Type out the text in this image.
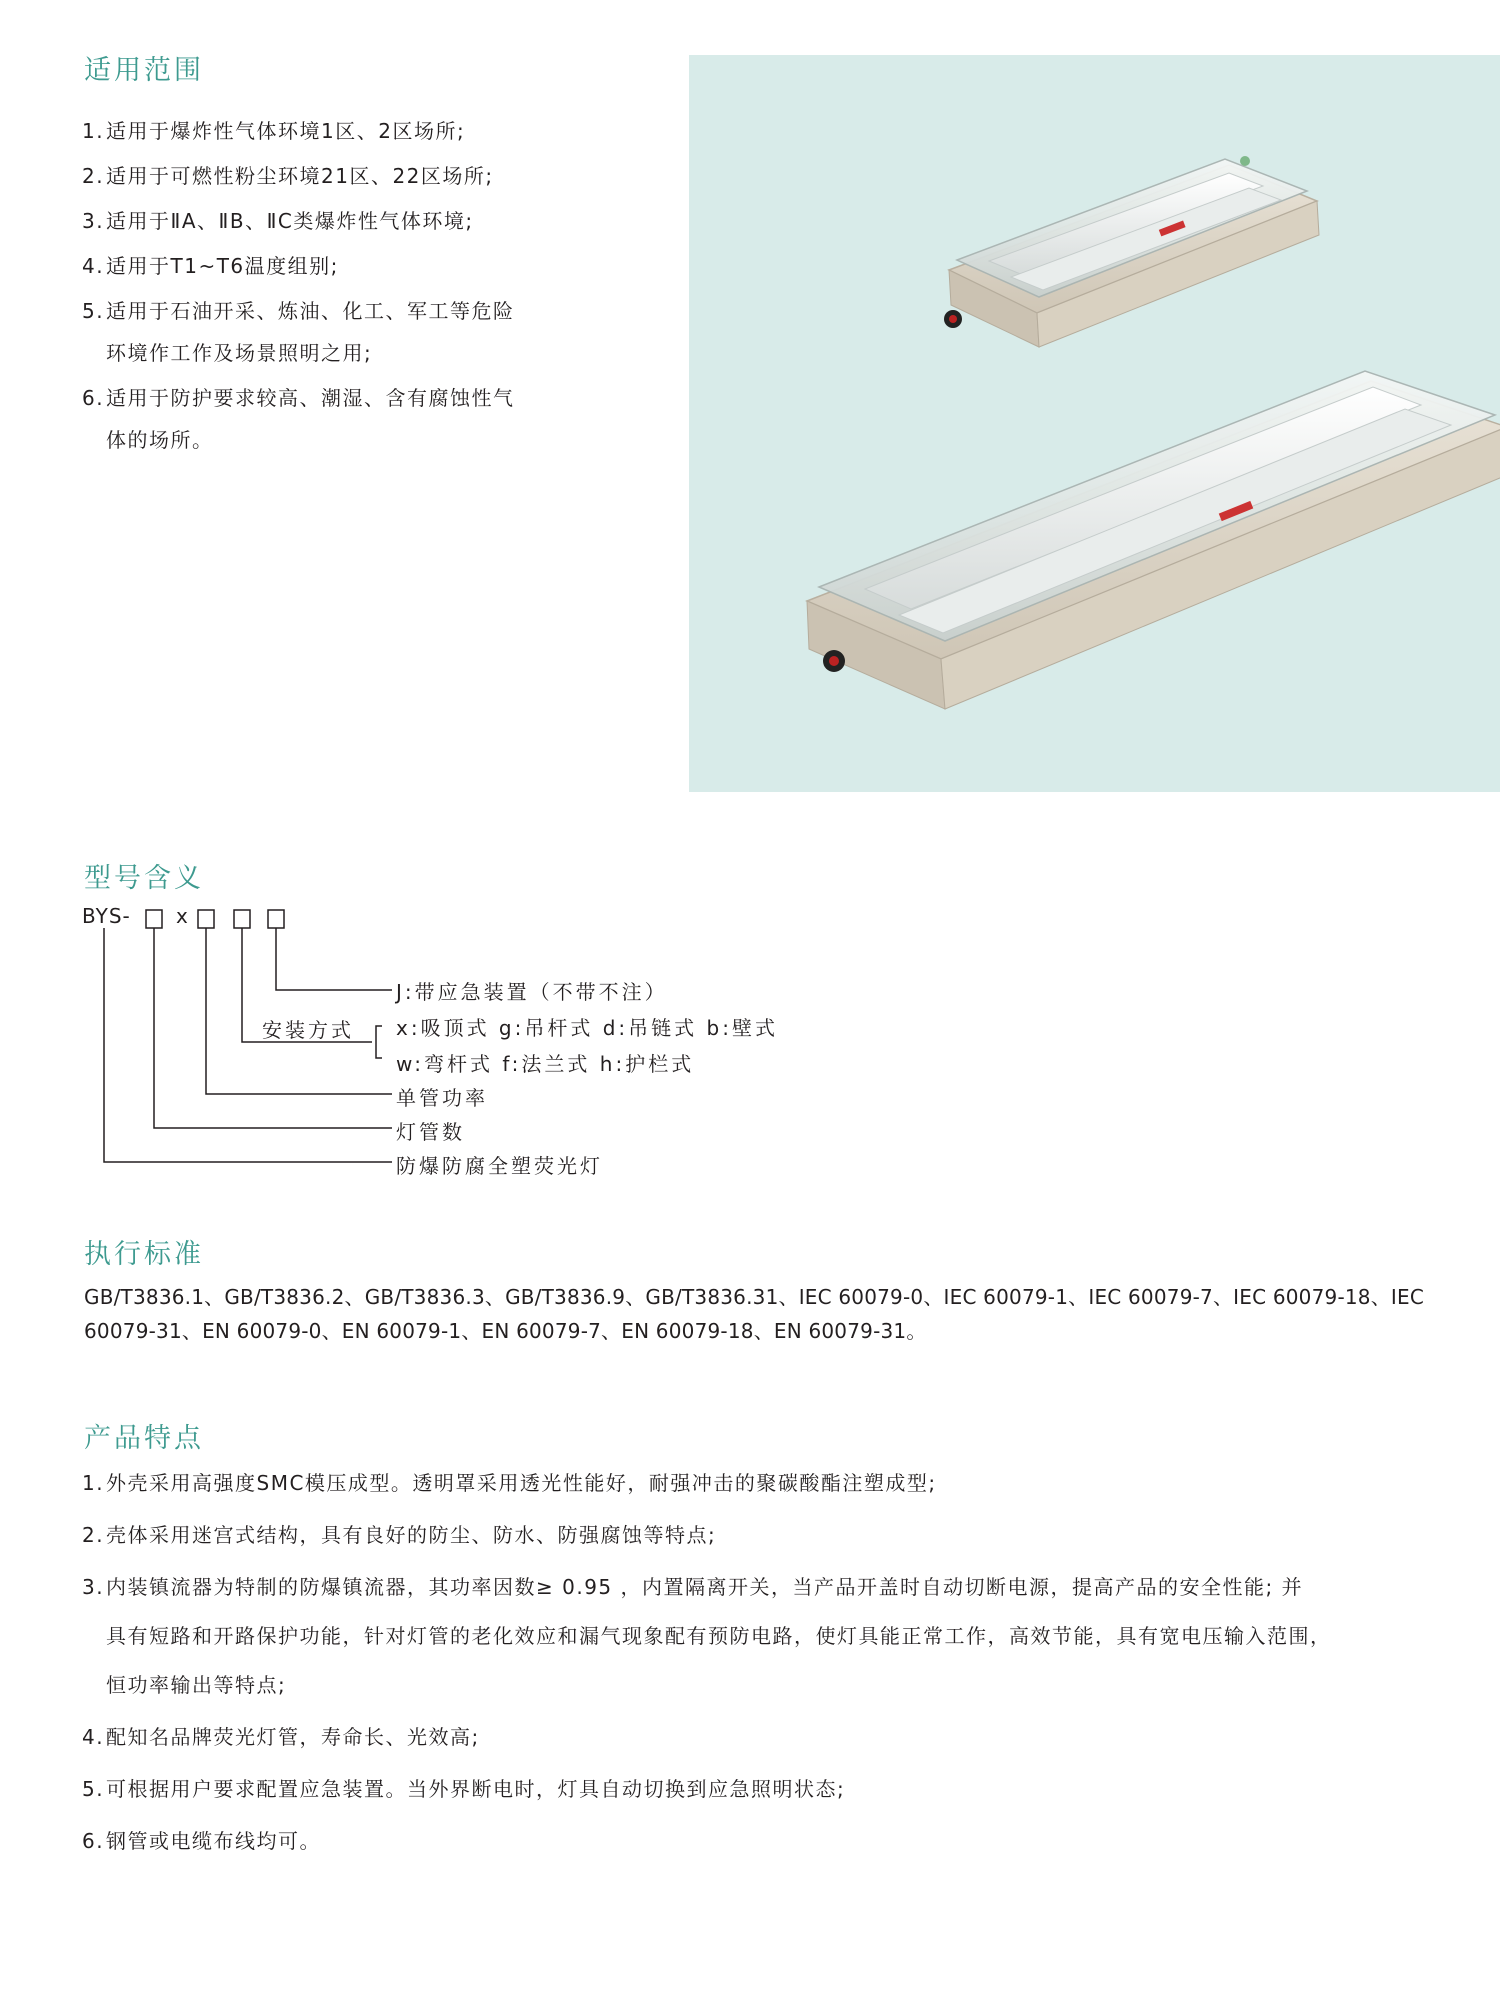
适用范围
1.适用于爆炸性气体环境1区、2区场所;
2.适用于可燃性粉尘环境21区、22区场所;
3.适用于ⅡA、ⅡB、ⅡC类爆炸性气体环境;
4.适用于T1~T6温度组别;
5.适用于石油开采、炼油、化工、军工等危险
环境作工作及场景照明之用;
6.适用于防护要求较高、潮湿、含有腐蚀性气
体的场所。
型号含义
BYS- x
J:带应急装置（不带不注）
安装方式 x:吸顶式 g:吊杆式 d:吊链式 b:壁式
w:弯杆式 f:法兰式 h:护栏式
单管功率
灯管数
防爆防腐全塑荧光灯
执行标准

GB/T3836.1、GB/T3836.2、GB/T3836.3、GB/T3836.9、GB/T3836.31、IEC 60079-0、IEC 60079-1、IEC 60079-7、IEC 60079-18、IEC 60079-31、EN 60079-0、EN 60079-1、EN 60079-7、EN 60079-18、EN 60079-31。

产品特点
1.外壳采用高强度SMC模压成型。透明罩采用透光性能好，耐强冲击的聚碳酸酯注塑成型;
2.壳体采用迷宫式结构，具有良好的防尘、防水、防强腐蚀等特点;
3.内装镇流器为特制的防爆镇流器，其功率因数≥ 0.95 ，内置隔离开关，当产品开盖时自动切断电源，提高产品的安全性能; 并
具有短路和开路保护功能，针对灯管的老化效应和漏气现象配有预防电路，使灯具能正常工作，高效节能，具有宽电压输入范围，
恒功率输出等特点;
4.配知名品牌荧光灯管，寿命长、光效高;
5.可根据用户要求配置应急装置。当外界断电时，灯具自动切换到应急照明状态;
6.钢管或电缆布线均可。
